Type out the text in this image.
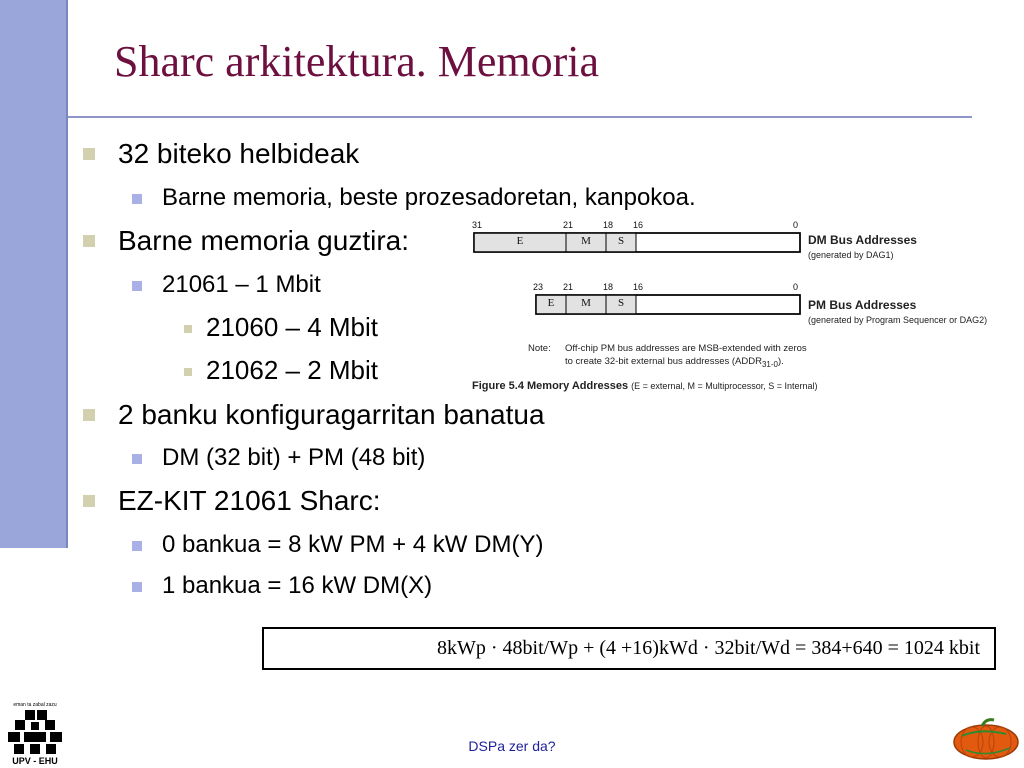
Sharc arkitektura. Memoria
32 biteko helbideak
Barne memoria, beste prozesadoretan, kanpokoa.
Barne memoria guztira:
21061 – 1 Mbit
21060 – 4 Mbit
21062 – 2 Mbit
2 banku konfiguragarritan banatua
DM (32 bit) + PM (48 bit)
EZ-KIT 21061 Sharc:
0 bankua = 8 kW PM + 4 kW DM(Y)
1 bankua = 16 kW DM(X)
31	21	18 16	0
E	M	S	DM Bus Addresses
(generated by DAG1)
23 21	18 16	0
E	M	S	PM Bus Addresses
(generated by Program Sequencer or DAG2)
Note: Off-chip PM bus addresses are MSB-extended with zeros
to create 32-bit external bus addresses $(ADDR_{31-0})$.
Figure 5.4 Memory Addresses (E = external, M = Multiprocessor, S = Internal)
8kWp · 48bit/Wp + (4 +16)kWd · 32bit/Wd = 384+640 = 1024 kbit
eman ta zabal zazu
UPV - EHU
DSPa zer da?
